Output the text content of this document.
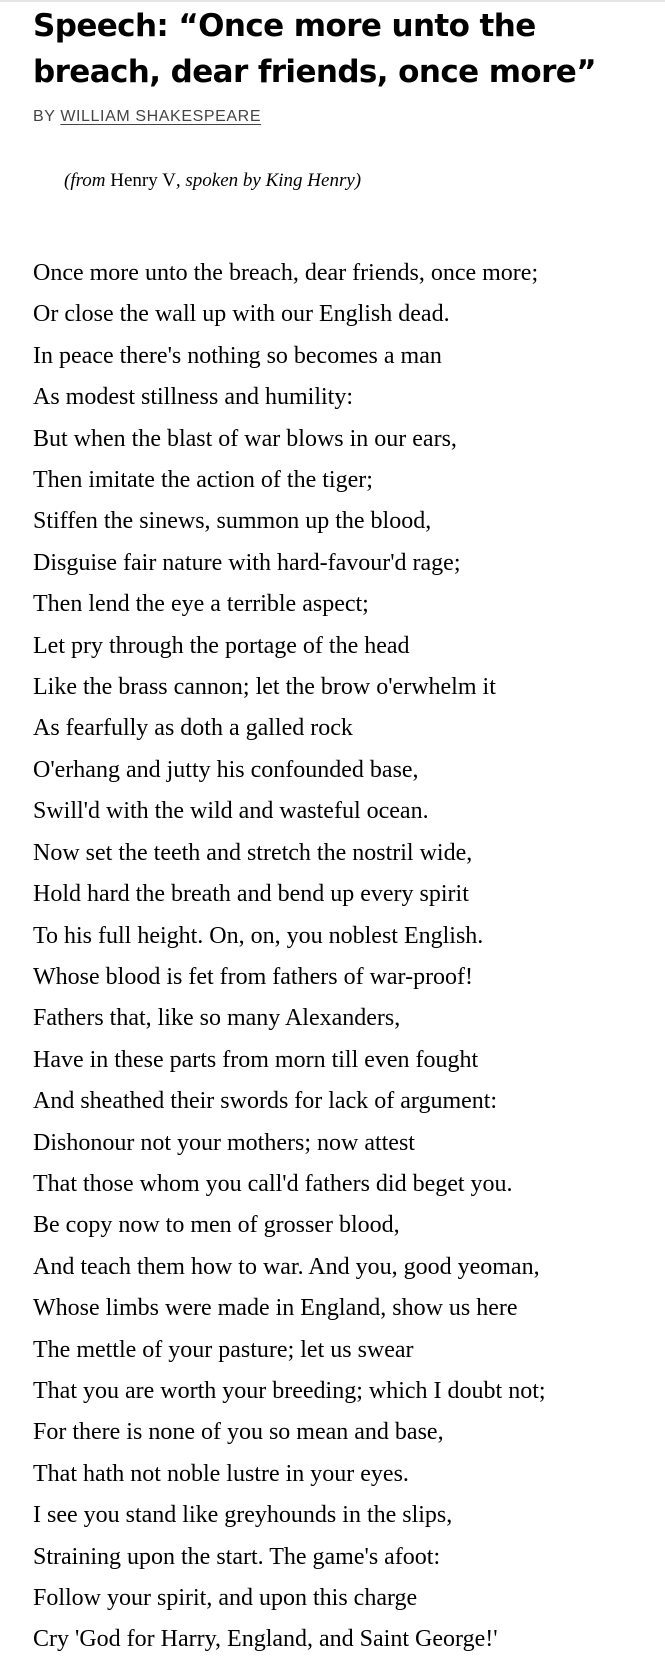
Speech: “Once more unto the breach, dear friends, once more”
BY WILLIAM SHAKESPEARE
(from Henry V, spoken by King Henry)
Once more unto the breach, dear friends, once more;
Or close the wall up with our English dead.
In peace there's nothing so becomes a man
As modest stillness and humility:
But when the blast of war blows in our ears,
Then imitate the action of the tiger;
Stiffen the sinews, summon up the blood,
Disguise fair nature with hard-favour'd rage;
Then lend the eye a terrible aspect;
Let pry through the portage of the head
Like the brass cannon; let the brow o'erwhelm it
As fearfully as doth a galled rock
O'erhang and jutty his confounded base,
Swill'd with the wild and wasteful ocean.
Now set the teeth and stretch the nostril wide,
Hold hard the breath and bend up every spirit
To his full height. On, on, you noblest English.
Whose blood is fet from fathers of war-proof!
Fathers that, like so many Alexanders,
Have in these parts from morn till even fought
And sheathed their swords for lack of argument:
Dishonour not your mothers; now attest
That those whom you call'd fathers did beget you.
Be copy now to men of grosser blood,
And teach them how to war. And you, good yeoman,
Whose limbs were made in England, show us here
The mettle of your pasture; let us swear
That you are worth your breeding; which I doubt not;
For there is none of you so mean and base,
That hath not noble lustre in your eyes.
I see you stand like greyhounds in the slips,
Straining upon the start. The game's afoot:
Follow your spirit, and upon this charge
Cry 'God for Harry, England, and Saint George!'
